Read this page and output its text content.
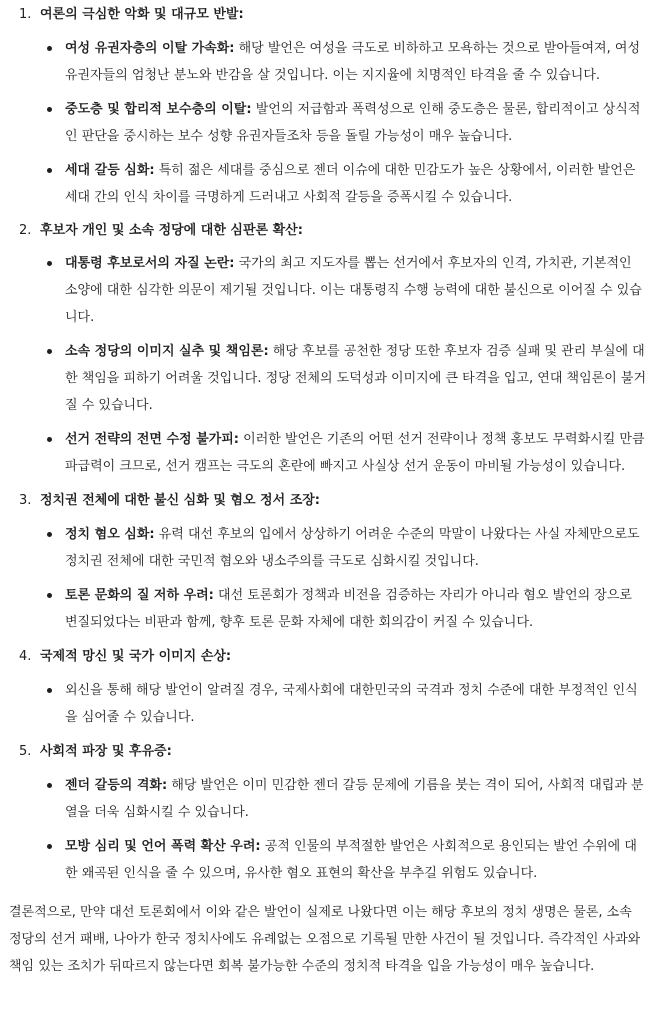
1. 여론의 극심한 악화 및 대규모 반발:
여성 유권자층의 이탈 가속화: 해당 발언은 여성을 극도로 비하하고 모욕하는 것으로 받아들여져, 여성 유권자들의 엄청난 분노와 반감을 살 것입니다. 이는 지지율에 치명적인 타격을 줄 수 있습니다.
중도층 및 합리적 보수층의 이탈: 발언의 저급함과 폭력성으로 인해 중도층은 물론, 합리적이고 상식적인 판단을 중시하는 보수 성향 유권자들조차 등을 돌릴 가능성이 매우 높습니다.
세대 갈등 심화: 특히 젊은 세대를 중심으로 젠더 이슈에 대한 민감도가 높은 상황에서, 이러한 발언은 세대 간의 인식 차이를 극명하게 드러내고 사회적 갈등을 증폭시킬 수 있습니다.
2. 후보자 개인 및 소속 정당에 대한 심판론 확산:
대통령 후보로서의 자질 논란: 국가의 최고 지도자를 뽑는 선거에서 후보자의 인격, 가치관, 기본적인 소양에 대한 심각한 의문이 제기될 것입니다. 이는 대통령직 수행 능력에 대한 불신으로 이어질 수 있습니다.
소속 정당의 이미지 실추 및 책임론: 해당 후보를 공천한 정당 또한 후보자 검증 실패 및 관리 부실에 대한 책임을 피하기 어려울 것입니다. 정당 전체의 도덕성과 이미지에 큰 타격을 입고, 연대 책임론이 불거질 수 있습니다.
선거 전략의 전면 수정 불가피: 이러한 발언은 기존의 어떤 선거 전략이나 정책 홍보도 무력화시킬 만큼 파급력이 크므로, 선거 캠프는 극도의 혼란에 빠지고 사실상 선거 운동이 마비될 가능성이 있습니다.
3. 정치권 전체에 대한 불신 심화 및 혐오 정서 조장:
정치 혐오 심화: 유력 대선 후보의 입에서 상상하기 어려운 수준의 막말이 나왔다는 사실 자체만으로도 정치권 전체에 대한 국민적 혐오와 냉소주의를 극도로 심화시킬 것입니다.
토론 문화의 질 저하 우려: 대선 토론회가 정책과 비전을 검증하는 자리가 아니라 혐오 발언의 장으로 변질되었다는 비판과 함께, 향후 토론 문화 자체에 대한 회의감이 커질 수 있습니다.
4. 국제적 망신 및 국가 이미지 손상:
외신을 통해 해당 발언이 알려질 경우, 국제사회에 대한민국의 국격과 정치 수준에 대한 부정적인 인식을 심어줄 수 있습니다.
5. 사회적 파장 및 후유증:
젠더 갈등의 격화: 해당 발언은 이미 민감한 젠더 갈등 문제에 기름을 붓는 격이 되어, 사회적 대립과 분열을 더욱 심화시킬 수 있습니다.
모방 심리 및 언어 폭력 확산 우려: 공적 인물의 부적절한 발언은 사회적으로 용인되는 발언 수위에 대한 왜곡된 인식을 줄 수 있으며, 유사한 혐오 표현의 확산을 부추길 위험도 있습니다.

결론적으로, 만약 대선 토론회에서 이와 같은 발언이 실제로 나왔다면 이는 해당 후보의 정치 생명은 물론, 소속 정당의 선거 패배, 나아가 한국 정치사에도 유례없는 오점으로 기록될 만한 사건이 될 것입니다. 즉각적인 사과와 책임 있는 조치가 뒤따르지 않는다면 회복 불가능한 수준의 정치적 타격을 입을 가능성이 매우 높습니다.
